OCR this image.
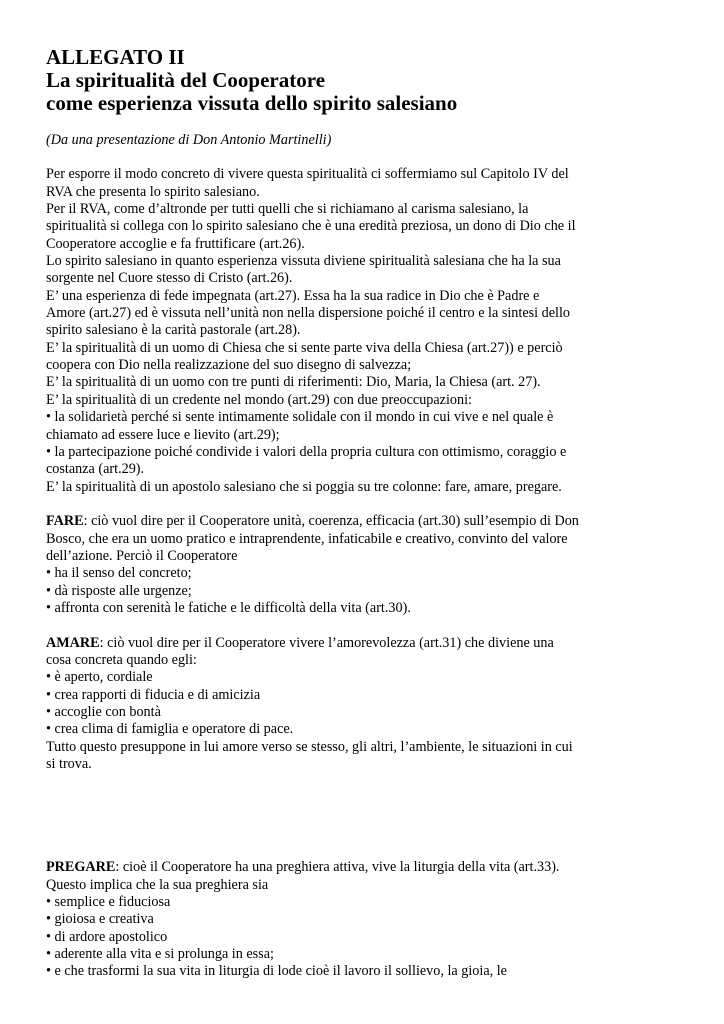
ALLEGATO II
La spiritualità del Cooperatore
come esperienza vissuta dello spirito salesiano
(Da una presentazione di Don Antonio Martinelli)
Per esporre il modo concreto di vivere questa spiritualità ci soffermiamo sul Capitolo IV del
RVA che presenta lo spirito salesiano.
Per il RVA, come d’altronde per tutti quelli che si richiamano al carisma salesiano, la
spiritualità si collega con lo spirito salesiano che è una eredità preziosa, un dono di Dio che il
Cooperatore accoglie e fa fruttificare (art.26).
Lo spirito salesiano in quanto esperienza vissuta diviene spiritualità salesiana che ha la sua
sorgente nel Cuore stesso di Cristo (art.26).
E’ una esperienza di fede impegnata (art.27). Essa ha la sua radice in Dio che è Padre e
Amore (art.27) ed è vissuta nell’unità non nella dispersione poiché il centro e la sintesi dello
spirito salesiano è la carità pastorale (art.28).
E’ la spiritualità di un uomo di Chiesa che si sente parte viva della Chiesa (art.27)) e perciò
coopera con Dio nella realizzazione del suo disegno di salvezza;
E’ la spiritualità di un uomo con tre punti di riferimenti: Dio, Maria, la Chiesa (art. 27).
E’ la spiritualità di un credente nel mondo (art.29) con due preoccupazioni:
• la solidarietà perché si sente intimamente solidale con il mondo in cui vive e nel quale è
chiamato ad essere luce e lievito (art.29);
• la partecipazione poiché condivide i valori della propria cultura con ottimismo, coraggio e
costanza (art.29).
E’ la spiritualità di un apostolo salesiano che si poggia su tre colonne: fare, amare, pregare.
FARE: ciò vuol dire per il Cooperatore unità, coerenza, efficacia (art.30) sull’esempio di Don
Bosco, che era un uomo pratico e intraprendente, infaticabile e creativo, convinto del valore
dell’azione. Perciò il Cooperatore
• ha il senso del concreto;
• dà risposte alle urgenze;
• affronta con serenità le fatiche e le difficoltà della vita (art.30).
AMARE: ciò vuol dire per il Cooperatore vivere l’amorevolezza (art.31) che diviene una
cosa concreta quando egli:
• è aperto, cordiale
• crea rapporti di fiducia e di amicizia
• accoglie con bontà
• crea clima di famiglia e operatore di pace.
Tutto questo presuppone in lui amore verso se stesso, gli altri, l’ambiente, le situazioni in cui
si trova.
PREGARE: cioè il Cooperatore ha una preghiera attiva, vive la liturgia della vita (art.33).
Questo implica che la sua preghiera sia
• semplice e fiduciosa
• gioiosa e creativa
• di ardore apostolico
• aderente alla vita e si prolunga in essa;
• e che trasformi la sua vita in liturgia di lode cioè il lavoro il sollievo, la gioia, le
